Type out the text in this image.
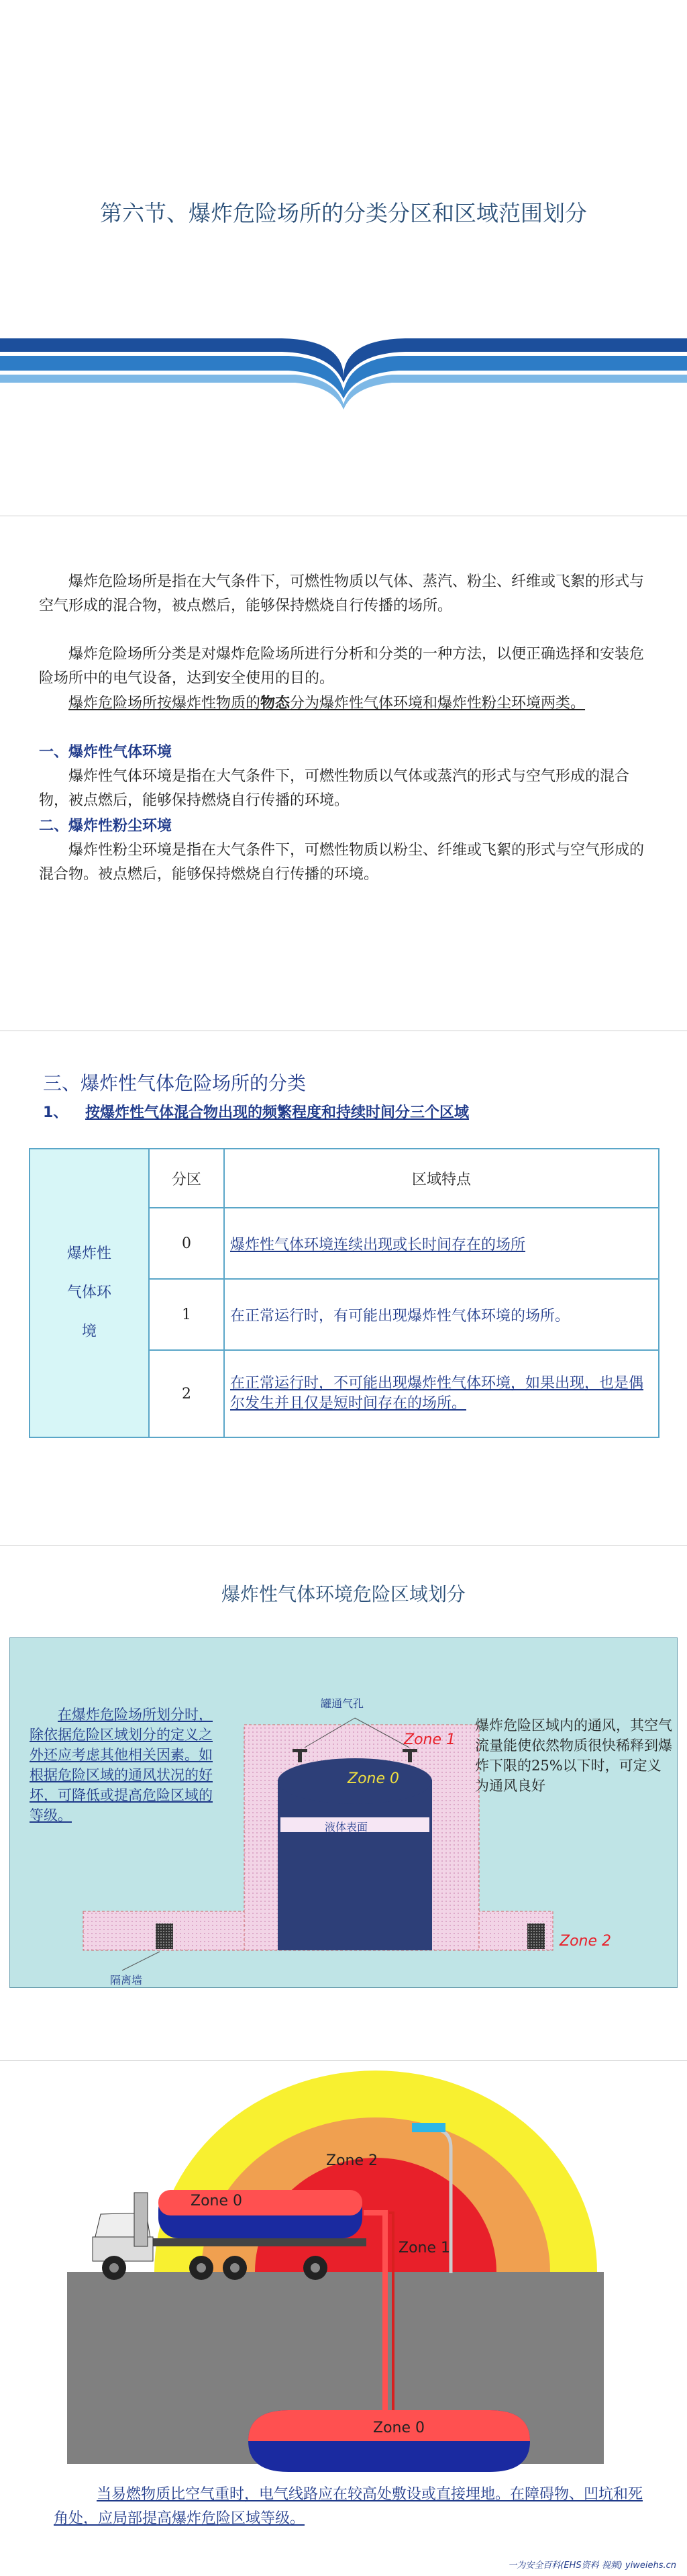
第六节、爆炸危险场所的分类分区和区域范围划分

爆炸危险场所是指在大气条件下，可燃性物质以气体、蒸汽、粉尘、纤维或飞絮的形式与空气形成的混合物，被点燃后，能够保持燃烧自行传播的场所。

爆炸危险场所分类是对爆炸危险场所进行分析和分类的一种方法，以便正确选择和安装危险场所中的电气设备，达到安全使用的目的。

爆炸危险场所按爆炸性物质的物态分为爆炸性气体环境和爆炸性粉尘环境两类。

一、爆炸性气体环境

爆炸性气体环境是指在大气条件下，可燃性物质以气体或蒸汽的形式与空气形成的混合物，被点燃后，能够保持燃烧自行传播的环境。

二、爆炸性粉尘环境

爆炸性粉尘环境是指在大气条件下，可燃性物质以粉尘、纤维或飞絮的形式与空气形成的混合物。被点燃后，能够保持燃烧自行传播的环境。

三、爆炸性气体危险场所的分类
1、 按爆炸性气体混合物出现的频繁程度和持续时间分三个区域
爆炸性气体环境	分区	区域特点
	0	爆炸性气体环境连续出现或长时间存在的场所
	1	在正常运行时，有可能出现爆炸性气体环境的场所。
	2	在正常运行时，不可能出现爆炸性气体环境，如果出现，也是偶尔发生并且仅是短时间存在的场所。
爆炸性气体环境危险区域划分
罐通气孔
Zone 1
Zone 0
液体表面
Zone 2
隔离墙
在爆炸危险场所划分时，除依据危险区域划分的定义之外还应考虑其他相关因素。如根据危险区域的通风状况的好坏，可降低或提高危险区域的等级。
爆炸危险区域内的通风，其空气流量能使依然物质很快稀释到爆炸下限的25%以下时，可定义为通风良好
Zone 2
Zone 1
Zone 0
Zone 0
当易燃物质比空气重时，电气线路应在较高处敷设或直接埋地。在障碍物、凹坑和死角处，应局部提高爆炸危险区域等级。
一为安全百科(EHS资料 视频) yiweiehs.cn
